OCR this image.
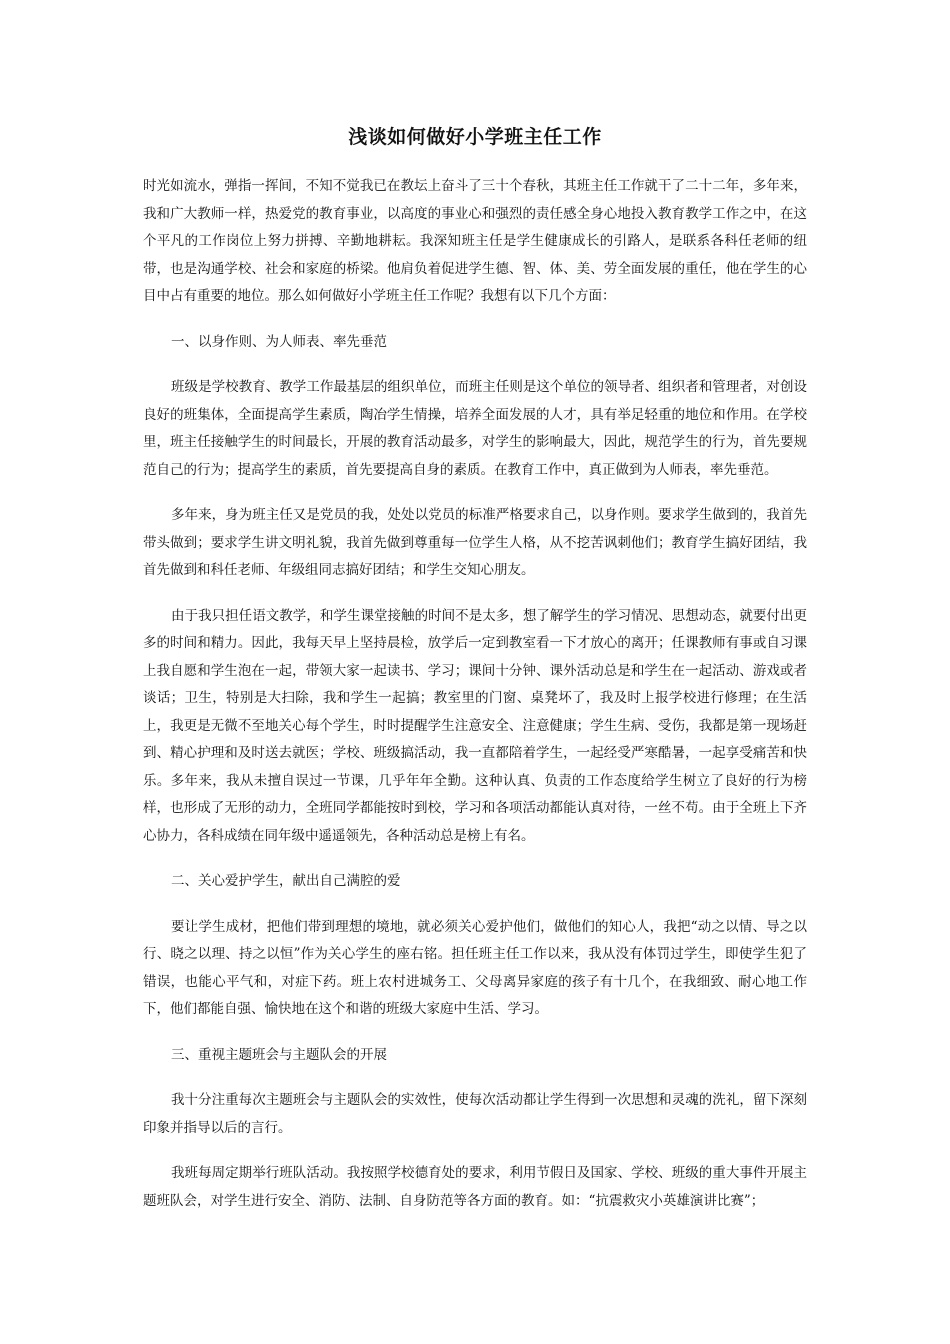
浅谈如何做好小学班主任工作

时光如流水，弹指一挥间，不知不觉我已在教坛上奋斗了三十个春秋，其班主任工作就干了二十二年，多年来，我和广大教师一样，热爱党的教育事业，以高度的事业心和强烈的责任感全身心地投入教育教学工作之中，在这个平凡的工作岗位上努力拼搏、辛勤地耕耘。我深知班主任是学生健康成长的引路人，是联系各科任老师的纽带，也是沟通学校、社会和家庭的桥梁。他肩负着促进学生德、智、体、美、劳全面发展的重任，他在学生的心目中占有重要的地位。那么如何做好小学班主任工作呢？我想有以下几个方面：

一、以身作则、为人师表、率先垂范

班级是学校教育、教学工作最基层的组织单位，而班主任则是这个单位的领导者、组织者和管理者，对创设良好的班集体，全面提高学生素质，陶冶学生情操，培养全面发展的人才，具有举足轻重的地位和作用。在学校里，班主任接触学生的时间最长，开展的教育活动最多，对学生的影响最大，因此，规范学生的行为，首先要规范自己的行为；提高学生的素质，首先要提高自身的素质。在教育工作中，真正做到为人师表，率先垂范。

多年来，身为班主任又是党员的我，处处以党员的标准严格要求自己，以身作则。要求学生做到的，我首先带头做到；要求学生讲文明礼貌，我首先做到尊重每一位学生人格，从不挖苦讽刺他们；教育学生搞好团结，我首先做到和科任老师、年级组同志搞好团结；和学生交知心朋友。

由于我只担任语文教学，和学生课堂接触的时间不是太多，想了解学生的学习情况、思想动态，就要付出更多的时间和精力。因此，我每天早上坚持晨检，放学后一定到教室看一下才放心的离开；任课教师有事或自习课上我自愿和学生泡在一起，带领大家一起读书、学习；课间十分钟、课外活动总是和学生在一起活动、游戏或者谈话；卫生，特别是大扫除，我和学生一起搞；教室里的门窗、桌凳坏了，我及时上报学校进行修理；在生活上，我更是无微不至地关心每个学生，时时提醒学生注意安全、注意健康；学生生病、受伤，我都是第一现场赶到、精心护理和及时送去就医；学校、班级搞活动，我一直都陪着学生，一起经受严寒酷暑，一起享受痛苦和快乐。多年来，我从未擅自误过一节课，几乎年年全勤。这种认真、负责的工作态度给学生树立了良好的行为榜样，也形成了无形的动力，全班同学都能按时到校，学习和各项活动都能认真对待，一丝不苟。由于全班上下齐心协力，各科成绩在同年级中遥遥领先，各种活动总是榜上有名。

二、关心爱护学生，献出自己满腔的爱

要让学生成材，把他们带到理想的境地，就必须关心爱护他们，做他们的知心人，我把“动之以情、导之以行、晓之以理、持之以恒”作为关心学生的座右铭。担任班主任工作以来，我从没有体罚过学生，即使学生犯了错误，也能心平气和，对症下药。班上农村进城务工、父母离异家庭的孩子有十几个，在我细致、耐心地工作下，他们都能自强、愉快地在这个和谐的班级大家庭中生活、学习。

三、重视主题班会与主题队会的开展

我十分注重每次主题班会与主题队会的实效性，使每次活动都让学生得到一次思想和灵魂的洗礼，留下深刻印象并指导以后的言行。

我班每周定期举行班队活动。我按照学校德育处的要求，利用节假日及国家、学校、班级的重大事件开展主题班队会，对学生进行安全、消防、法制、自身防范等各方面的教育。如：“抗震救灾小英雄演讲比赛”；
